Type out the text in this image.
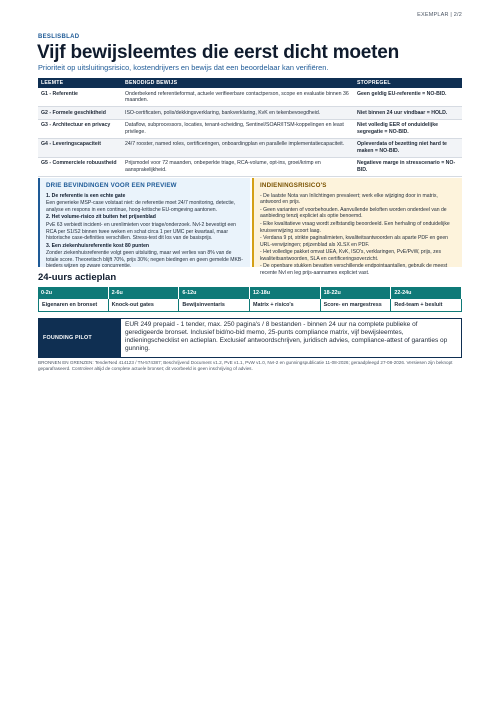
EXEMPLAR | 2/2
BESLISBLAD
Vijf bewijsleemtes die eerst dicht moeten
Prioriteit op uitsluitingsrisico, kostendrijvers en bewijs dat een beoordelaar kan verifiëren.
LEEMTE	BENODIGD BEWIJS	STOPREGEL
G1 - Referentie	Onderbekend referentieformat, actuele verifieerbare contactperson, scope en evaluatie binnen 36 maanden.	Geen geldig EU-referentie = NO-BID.
G2 - Formele geschiktheid	ISO-certificaten, polis/dekkingsverklaring, bankverklaring, KvK en tekenbevoegdheid.	Niet binnen 24 uur vindbaar = HOLD.
G3 - Architectuur en privacy	Dataflow, subprocessors, locaties, tenant-scheiding, Sentinel/SOAR/ITSM-koppelingen en least privilege.	Niet volledig EER of onduidelijke segregatie = NO-BID.
G4 - Leveringscapaciteit	24/7 rooster, named roles, certificeringen, onboardingplan en parallelle implementatiecapaciteit.	Opleverdata of bezetting niet hard te maken = NO-BID.
G5 - Commerciele robuustheid	Prijsmodel voor 72 maanden, onbeperkte triage, RCA-volume, opt-ins, groei/krimp en aansprakelijkheid.	Negatieve marge in stresscenario = NO-BID.
DRIE BEVINDINGEN VOOR EEN PREVIEW

1. De referentie is een echte gate

Een generieke MSP-case volstaat niet: de referentie moet 24/7 monitoring, detectie, analyse en respons in een continue, hoog-kritische EU-omgeving aantonen.

2. Het volume-risico zit buiten het prijsenblad

PvE 63 verbiedt incident- en urenlimieten voor triage/onderzoek. Nvl-2 bevestigt een RCA per S1/S2 binnen twee weken en schat circa 1 per UMC per kwartaal, maar historische case-definities verschillen. Stress-test dit los van de basisprijs.

3. Een ziekenhuisreferentie kost 80 punten

Zonder ziekenhuisreferentie volgt geen uitsluiting, maar wel verlies van 8% van de totale score. Theoretisch blijft 70%, prijs 30%; negen biedingen en geen gemelde MKB-bieders wijzen op zware concurrentie.

INDIENINGSRISICO'S

- De laatste Nota van Inlichtingen prevaleert; werk elke wijziging door in matrix, antwoord en prijs.

- Geen varianten of voorbehouden. Aanvullende beloften worden onderdeel van de aanbieding tenzij expliciet als optie benoemd.

- Elke kwalitatieve vraag wordt zelfstandig beoordeeld. Een herhaling of onduidelijke kruisverwijzing scoort laag.

- Verdana 9 pt, strikte paginalimieten, kwaliteitsantwoorden als aparte PDF en geen URL-verwijzingen; prijzenblad als XLSX en PDF.

- Het volledige pakket omvat UEA, KvK, ISO's, verklaringen, PvE/PvW, prijs, zes kwaliteitsantwoorden, SLA en certificeringsoverzicht.

- De openbare stukken bevatten verschillende endpointaantallen, gebruik de meest recente Nvl en leg prijs-aannames expliciet vast.

24-uurs actieplan
0-2u	2-6u	6-12u	12-18u	18-22u	22-24u
Eigenaren en bronset	Knock-out gates	Bewijsinventaris	Matrix + risico's	Score- en margestress	Red-team + besluit
FOUNDING PILOT
EUR 249 prepaid - 1 tender, max. 250 pagina's / 8 bestanden - binnen 24 uur na complete publieke of geredigeerde bronset. Inclusief bid/no-bid memo, 25-punts compliance matrix, vijf bewijsleemtes, indieningschecklist en actieplan. Exclusief antwoordschrijven, juridisch advies, compliance-attest of garanties op gunning.
BRONNEN EN GRENZEN: TenderNed 414123 / TN-574387; Beschrijvend Document v1.2, PvE v1.1, PvW v1.0, NvI-2 en gunningspublicatie 11-08-2026; geraadpleegd 27-08-2026. Versiesen zijn beknopt geparafraseerd. Controleer altijd de complete actuele bronset; dit voorbeeld is geen inschrijving of advies.
